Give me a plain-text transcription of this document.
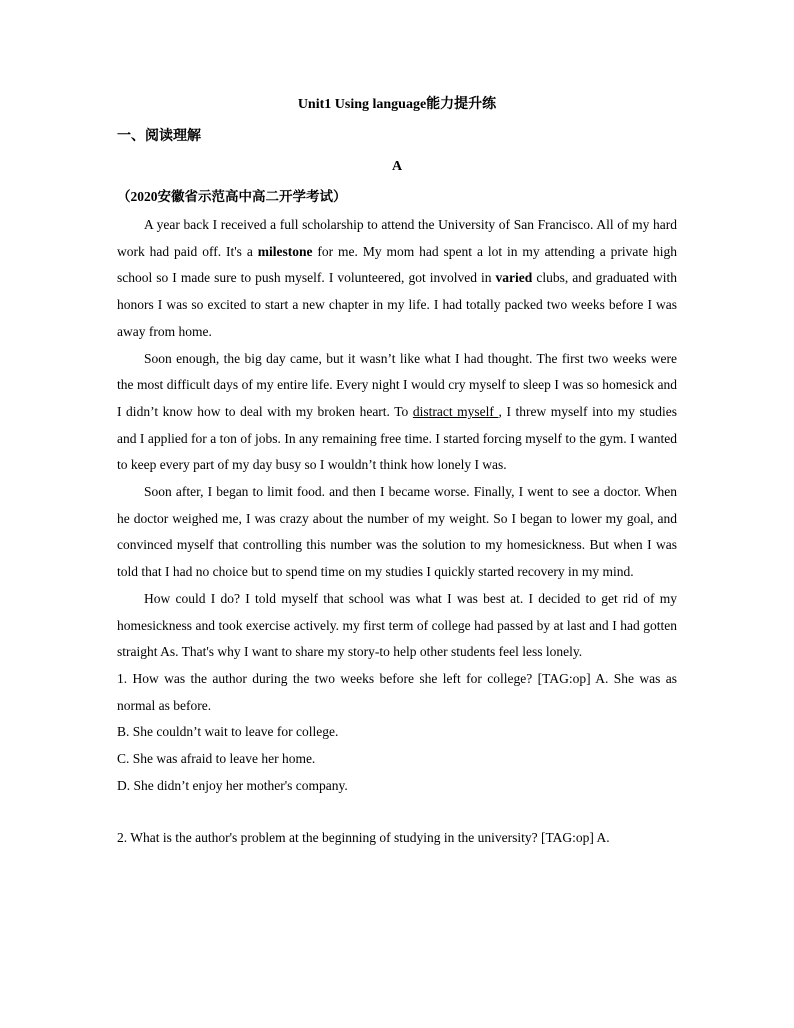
Unit1 Using language能力提升练
一、阅读理解
A
（2020安徽省示范高中高二开学考试）

A year back I received a full scholarship to attend the University of San Francisco. All of my hard work had paid off. It's a milestone for me. My mom had spent a lot in my attending a private high school so I made sure to push myself. I volunteered, got involved in varied clubs, and graduated with honors I was so excited to start a new chapter in my life. I had totally packed two weeks before I was away from home.

Soon enough, the big day came, but it wasn’t like what I had thought. The first two weeks were the most difficult days of my entire life. Every night I would cry myself to sleep I was so homesick and I didn’t know how to deal with my broken heart. To distract myself , I threw myself into my studies and I applied for a ton of jobs. In any remaining free time. I started forcing myself to the gym. I wanted to keep every part of my day busy so I wouldn’t think how lonely I was.

Soon after, I began to limit food. and then I became worse. Finally, I went to see a doctor. When he doctor weighed me, I was crazy about the number of my weight. So I began to lower my goal, and convinced myself that controlling this number was the solution to my homesickness. But when I was told that I had no choice but to spend time on my studies I quickly started recovery in my mind.

How could I do? I told myself that school was what I was best at. I decided to get rid of my homesickness and took exercise actively. my first term of college had passed by at last and I had gotten straight As. That's why I want to share my story-to help other students feel less lonely.

1. How was the author during the two weeks before she left for college? [TAG:op] A. She was as normal as before.

B. She couldn’t wait to leave for college.

C. She was afraid to leave her home.

D. She didn’t enjoy her mother's company.

2. What is the author's problem at the beginning of studying in the university? [TAG:op] A.
